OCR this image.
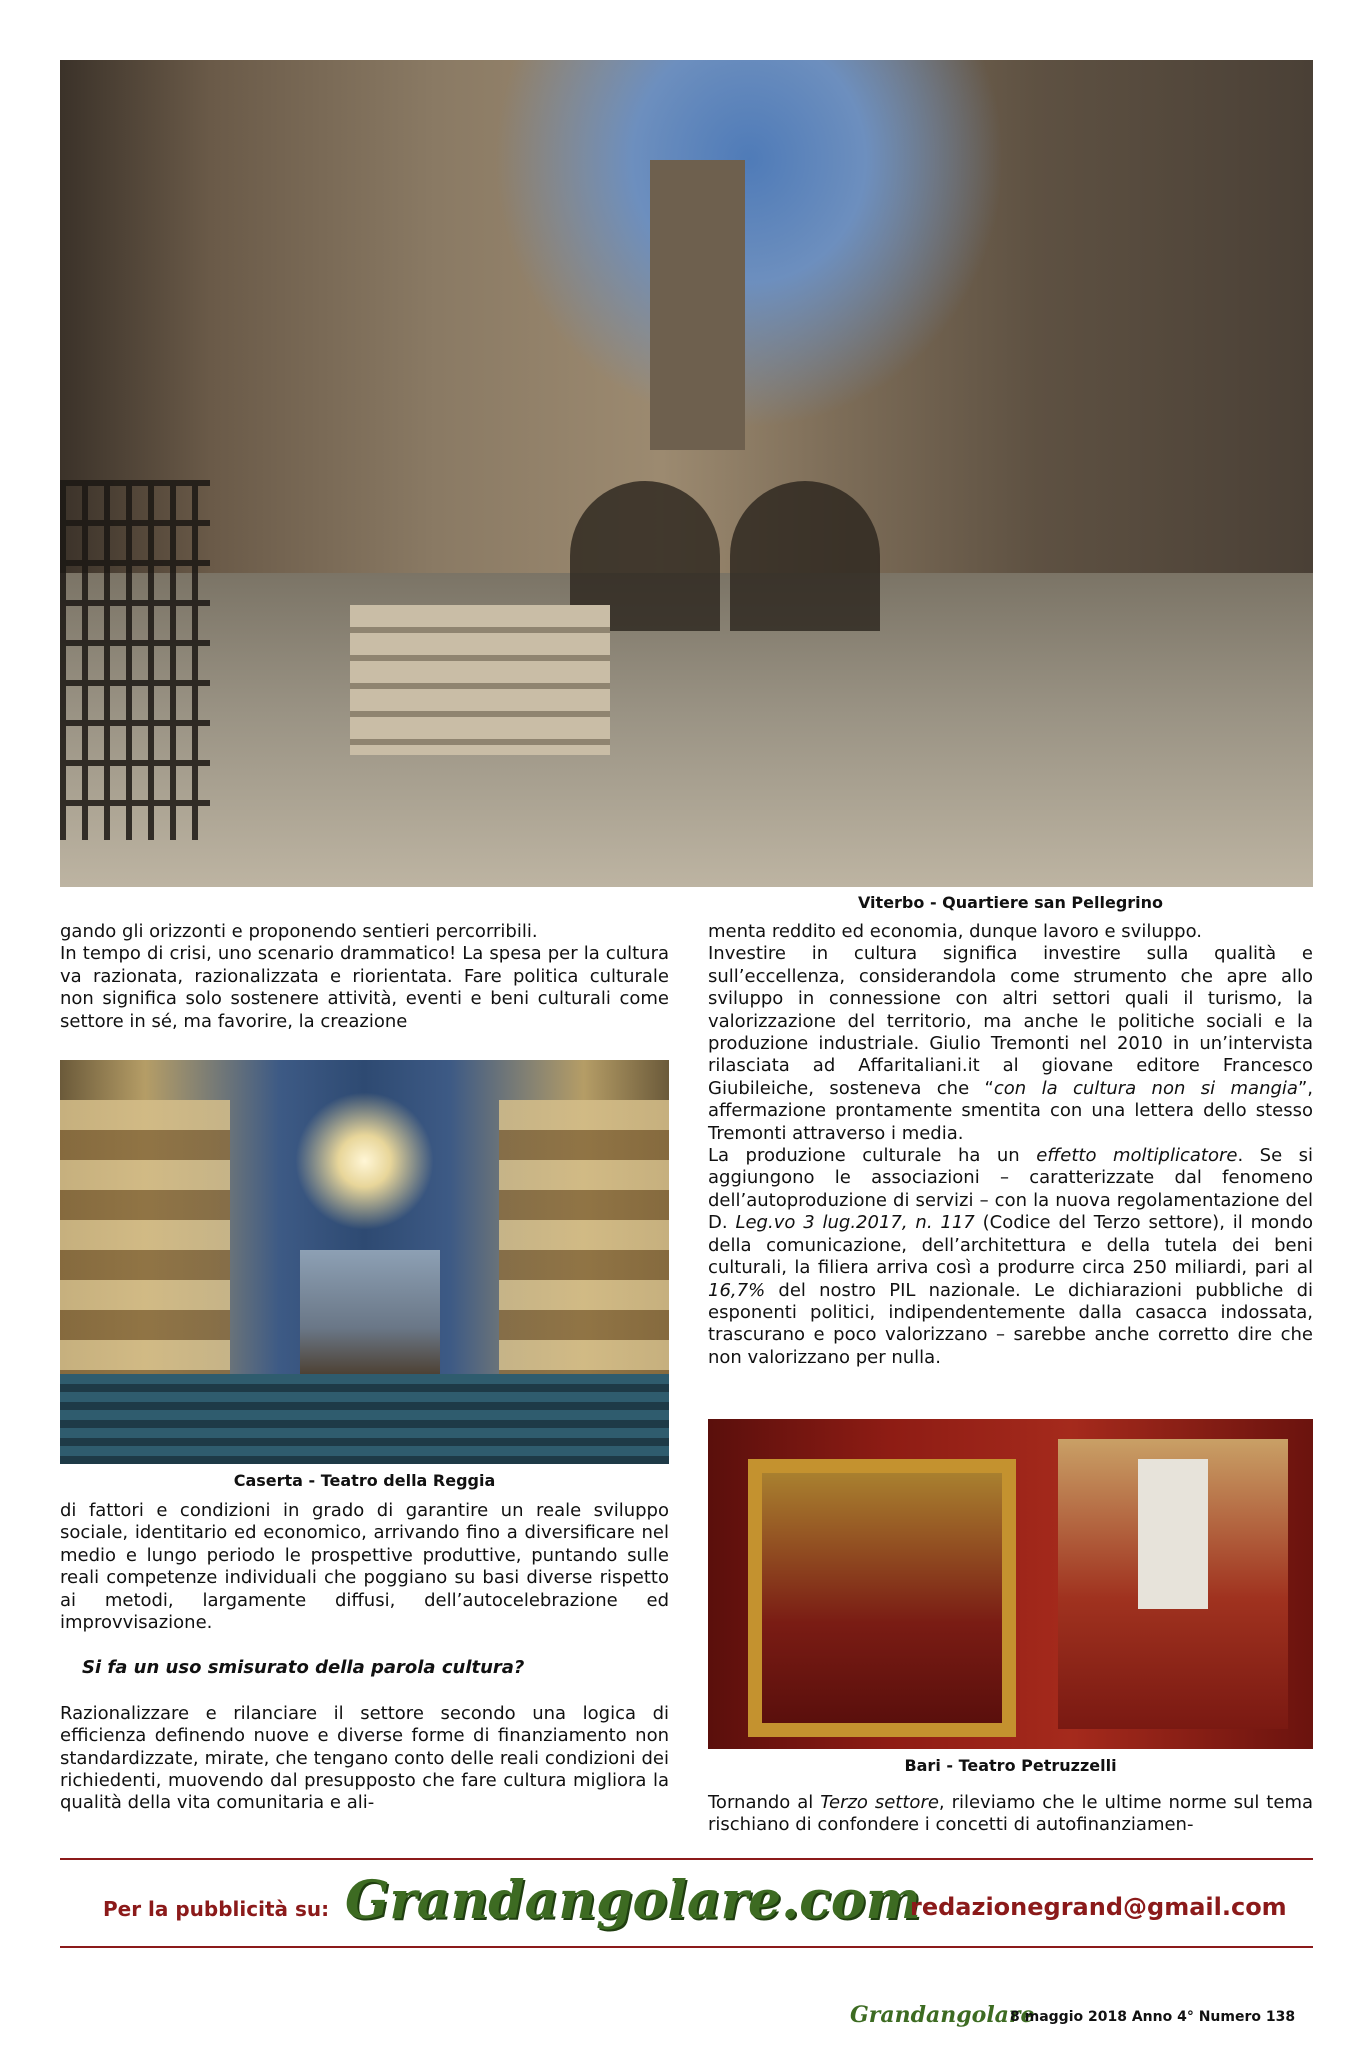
Viterbo - Quartiere san Pellegrino

gando gli orizzonti e proponendo sentieri percorribili.

In tempo di crisi, uno scenario drammatico! La spesa per la cultura va razionata, razionalizzata e riorientata. Fare politica culturale non significa solo sostenere attività, eventi e beni culturali come settore in sé, ma favorire, la creazione

Caserta - Teatro della Reggia

di fattori e condizioni in grado di garantire un reale sviluppo sociale, identitario ed economico, arrivando fino a diversificare nel medio e lungo periodo le prospettive produttive, puntando sulle reali competenze individuali che poggiano su basi diverse rispetto ai metodi, largamente diffusi, dell’autocelebrazione ed improvvisazione.

Si fa un uso smisurato della parola cultura?

Razionalizzare e rilanciare il settore secondo una logica di efficienza definendo nuove e diverse forme di finanziamento non standardizzate, mirate, che tengano conto delle reali condizioni dei richiedenti, muovendo dal presupposto che fare cultura migliora la qualità della vita comunitaria e ali-

menta reddito ed economia, dunque lavoro e sviluppo.

Investire in cultura significa investire sulla qualità e sull’eccellenza, considerandola come strumento che apre allo sviluppo in connessione con altri settori quali il turismo, la valorizzazione del territorio, ma anche le politiche sociali e la produzione industriale. Giulio Tremonti nel 2010 in un’intervista rilasciata ad Affaritaliani.it al giovane editore Francesco Giubileiche, sosteneva che “con la cultura non si mangia”, affermazione prontamente smentita con una lettera dello stesso Tremonti attraverso i media.

La produzione culturale ha un effetto moltiplicatore. Se si aggiungono le associazioni – caratterizzate dal fenomeno dell’autoproduzione di servizi – con la nuova regolamentazione del D. Leg.vo 3 lug.2017, n. 117 (Codice del Terzo settore), il mondo della comunicazione, dell’architettura e della tutela dei beni culturali, la filiera arriva così a produrre circa 250 miliardi, pari al 16,7% del nostro PIL nazionale. Le dichiarazioni pubbliche di esponenti politici, indipendentemente dalla casacca indossata, trascurano e poco valorizzano – sarebbe anche corretto dire che non valorizzano per nulla.

Bari - Teatro Petruzzelli

Tornando al Terzo settore, rileviamo che le ultime norme sul tema rischiano di confondere i concetti di autofinanziamen-

Per la pubblicità su: Grandangolare.com
redazionegrand@gmail.com
Grandangolare
8 maggio 2018 Anno 4° Numero 138
